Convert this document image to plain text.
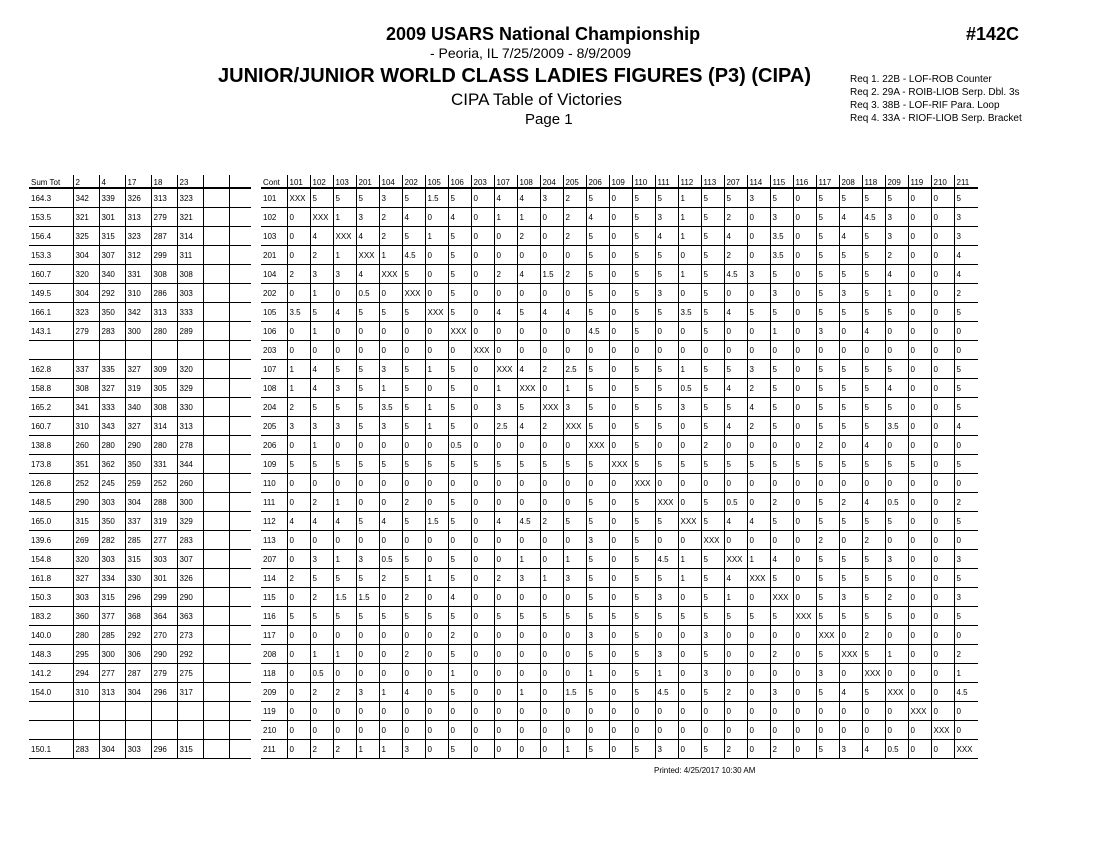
2009 USARS National Championship
- Peoria, IL 7/25/2009 - 8/9/2009
JUNIOR/JUNIOR WORLD CLASS LADIES FIGURES (P3) (CIPA)
CIPA Table of Victories
Page 1
#142C
Req 1. 22B - LOF-ROB Counter
Req 2. 29A - ROIB-LIOB Serp. Dbl. 3s
Req 3. 38B - LOF-RIF Para. Loop
Req 4. 33A - RIOF-LIOB Serp. Bracket
Sum Tot	2	4	17	18	23		
164.3	342	339	326	313	323		
153.5	321	301	313	279	321		
156.4	325	315	323	287	314		
153.3	304	307	312	299	311		
160.7	320	340	331	308	308		
149.5	304	292	310	286	303		
166.1	323	350	342	313	333		
143.1	279	283	300	280	289		

162.8	337	335	327	309	320		
158.8	308	327	319	305	329		
165.2	341	333	340	308	330		
160.7	310	343	327	314	313		
138.8	260	280	290	280	278		
173.8	351	362	350	331	344		
126.8	252	245	259	252	260		
148.5	290	303	304	288	300		
165.0	315	350	337	319	329		
139.6	269	282	285	277	283		
154.8	320	303	315	303	307		
161.8	327	334	330	301	326		
150.3	303	315	296	299	290		
183.2	360	377	368	364	363		
140.0	280	285	292	270	273		
148.3	295	300	306	290	292		
141.2	294	277	287	279	275		
154.0	310	313	304	296	317		

150.1	283	304	303	296	315		
Cont	101	102	103	201	104	202	105	106	203	107	108	204	205	206	109	110	111	112	113	207	114	115	116	117	208	118	209	119	210	211
101	XXX	5	5	5	3	5	1.5	5	0	4	4	3	2	5	0	5	5	1	5	5	3	5	0	5	5	5	5	0	0	5
102	0	XXX	1	3	2	4	0	4	0	1	1	0	2	4	0	5	3	1	5	2	0	3	0	5	4	4.5	3	0	0	3
103	0	4	XXX	4	2	5	1	5	0	0	2	0	2	5	0	5	4	1	5	4	0	3.5	0	5	4	5	3	0	0	3
201	0	2	1	XXX	1	4.5	0	5	0	0	0	0	0	5	0	5	5	0	5	2	0	3.5	0	5	5	5	2	0	0	4
104	2	3	3	4	XXX	5	0	5	0	2	4	1.5	2	5	0	5	5	1	5	4.5	3	5	0	5	5	5	4	0	0	4
202	0	1	0	0.5	0	XXX	0	5	0	0	0	0	0	5	0	5	3	0	5	0	0	3	0	5	3	5	1	0	0	2
105	3.5	5	4	5	5	5	XXX	5	0	4	5	4	4	5	0	5	5	3.5	5	4	5	5	0	5	5	5	5	0	0	5
106	0	1	0	0	0	0	0	XXX	0	0	0	0	0	4.5	0	5	0	0	5	0	0	1	0	3	0	4	0	0	0	0
203	0	0	0	0	0	0	0	0	XXX	0	0	0	0	0	0	0	0	0	0	0	0	0	0	0	0	0	0	0	0	0
107	1	4	5	5	3	5	1	5	0	XXX	4	2	2.5	5	0	5	5	1	5	5	3	5	0	5	5	5	5	0	0	5
108	1	4	3	5	1	5	0	5	0	1	XXX	0	1	5	0	5	5	0.5	5	4	2	5	0	5	5	5	4	0	0	5
204	2	5	5	5	3.5	5	1	5	0	3	5	XXX	3	5	0	5	5	3	5	5	4	5	0	5	5	5	5	0	0	5
205	3	3	3	5	3	5	1	5	0	2.5	4	2	XXX	5	0	5	5	0	5	4	2	5	0	5	5	5	3.5	0	0	4
206	0	1	0	0	0	0	0	0.5	0	0	0	0	0	XXX	0	5	0	0	2	0	0	0	0	2	0	4	0	0	0	0
109	5	5	5	5	5	5	5	5	5	5	5	5	5	5	XXX	5	5	5	5	5	5	5	5	5	5	5	5	5	0	5
110	0	0	0	0	0	0	0	0	0	0	0	0	0	0	0	XXX	0	0	0	0	0	0	0	0	0	0	0	0	0	0
111	0	2	1	0	0	2	0	5	0	0	0	0	0	5	0	5	XXX	0	5	0.5	0	2	0	5	2	4	0.5	0	0	2
112	4	4	4	5	4	5	1.5	5	0	4	4.5	2	5	5	0	5	5	XXX	5	4	4	5	0	5	5	5	5	0	0	5
113	0	0	0	0	0	0	0	0	0	0	0	0	0	3	0	5	0	0	XXX	0	0	0	0	2	0	2	0	0	0	0
207	0	3	1	3	0.5	5	0	5	0	0	1	0	1	5	0	5	4.5	1	5	XXX	1	4	0	5	5	5	3	0	0	3
114	2	5	5	5	2	5	1	5	0	2	3	1	3	5	0	5	5	1	5	4	XXX	5	0	5	5	5	5	0	0	5
115	0	2	1.5	1.5	0	2	0	4	0	0	0	0	0	5	0	5	3	0	5	1	0	XXX	0	5	3	5	2	0	0	3
116	5	5	5	5	5	5	5	5	0	5	5	5	5	5	5	5	5	5	5	5	5	5	XXX	5	5	5	5	0	0	5
117	0	0	0	0	0	0	0	2	0	0	0	0	0	3	0	5	0	0	3	0	0	0	0	XXX	0	2	0	0	0	0
208	0	1	1	0	0	2	0	5	0	0	0	0	0	5	0	5	3	0	5	0	0	2	0	5	XXX	5	1	0	0	2
118	0	0.5	0	0	0	0	0	1	0	0	0	0	0	1	0	5	1	0	3	0	0	0	0	3	0	XXX	0	0	0	1
209	0	2	2	3	1	4	0	5	0	0	1	0	1.5	5	0	5	4.5	0	5	2	0	3	0	5	4	5	XXX	0	0	4.5
119	0	0	0	0	0	0	0	0	0	0	0	0	0	0	0	0	0	0	0	0	0	0	0	0	0	0	0	XXX	0	0
210	0	0	0	0	0	0	0	0	0	0	0	0	0	0	0	0	0	0	0	0	0	0	0	0	0	0	0	0	XXX	0
211	0	2	2	1	1	3	0	5	0	0	0	0	1	5	0	5	3	0	5	2	0	2	0	5	3	4	0.5	0	0	XXX
Printed: 4/25/2017 10:30 AM
